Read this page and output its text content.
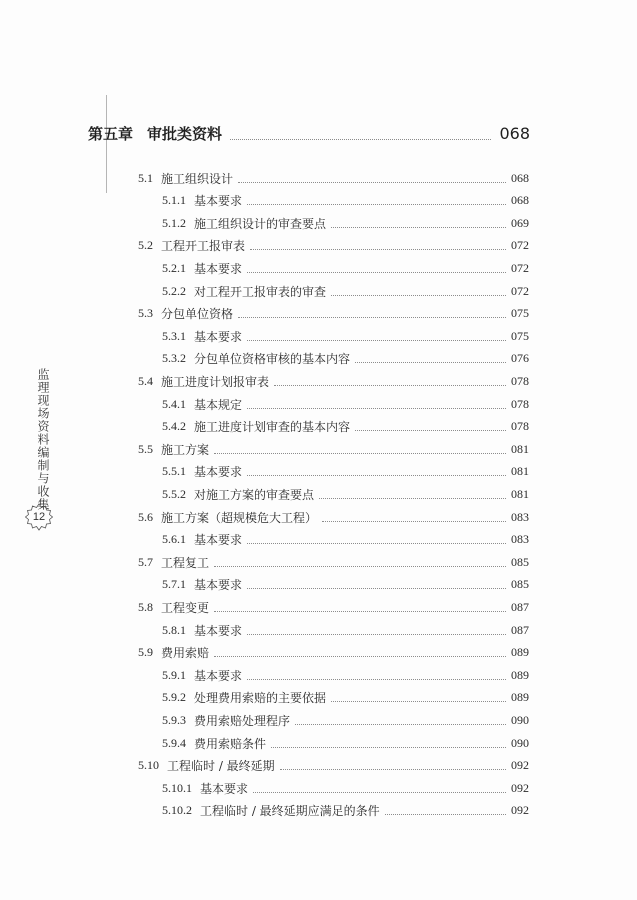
第五章 审批类资料	068
5.1 施工组织设计	068
5.1.1 基本要求	068
5.1.2 施工组织设计的审查要点	069
5.2 工程开工报审表	072
5.2.1 基本要求	072
5.2.2 对工程开工报审表的审查	072
5.3 分包单位资格	075
5.3.1 基本要求	075
5.3.2 分包单位资格审核的基本内容	076
5.4 施工进度计划报审表	078
5.4.1 基本规定	078
5.4.2 施工进度计划审查的基本内容	078
5.5 施工方案	081
5.5.1 基本要求	081
5.5.2 对施工方案的审查要点	081
5.6 施工方案（超规模危大工程）	083
5.6.1 基本要求	083
5.7 工程复工	085
5.7.1 基本要求	085
5.8 工程变更	087
5.8.1 基本要求	087
5.9 费用索赔	089
5.9.1 基本要求	089
5.9.2 处理费用索赔的主要依据	089
5.9.3 费用索赔处理程序	090
5.9.4 费用索赔条件	090
5.10 工程临时 / 最终延期	092
5.10.1 基本要求	092
5.10.2 工程临时 / 最终延期应满足的条件	092
监理现场资料编制与收集
12
